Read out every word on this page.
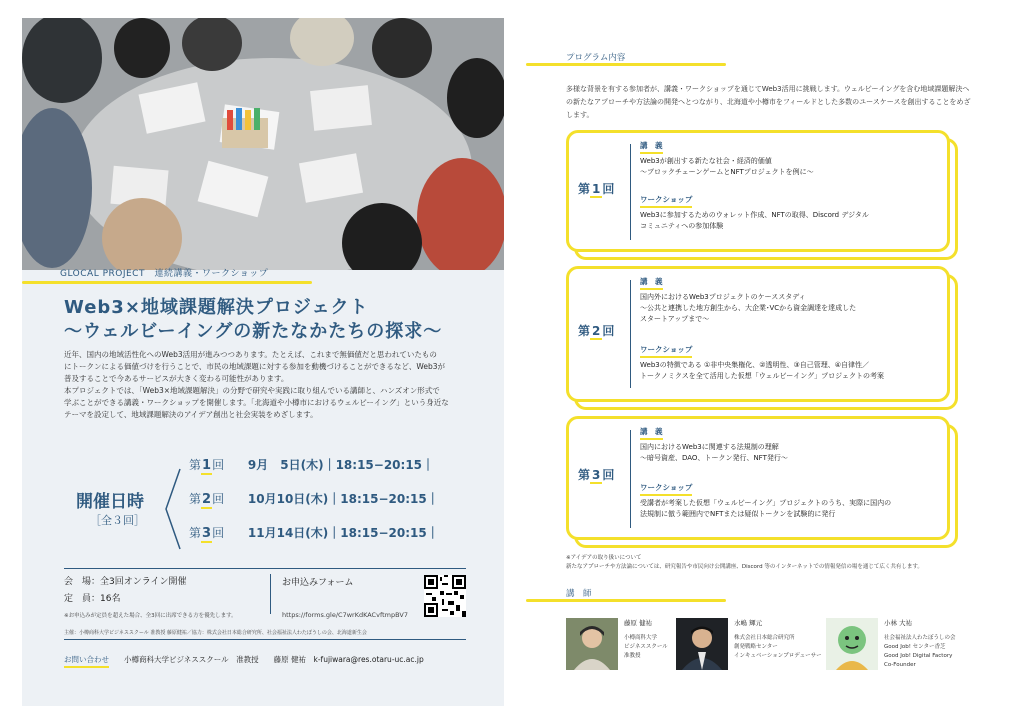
GLOCAL PROJECT　連続講義・ワークショップ
Web3×地域課題解決プロジェクト
〜ウェルビーイングの新たなかたちの探求〜

近年、国内の地域活性化へのWeb3活用が進みつつあります。たとえば、これまで無価値だと思われていたもの

にトークンによる価値づけを行うことで、市民の地域課題に対する参加を動機づけることができるなど、Web3が

普及することで今あるサービスが大きく変わる可能性があります。

本プロジェクトでは、「Web3×地域課題解決」の分野で研究や実践に取り組んでいる講師と、ハンズオン形式で

学ぶことができる講義・ワークショップを開催します。「北海道や小樽市におけるウェルビーイング」という身近な

テーマを設定して、地域課題解決のアイデア創出と社会実装をめざします。

開催日時
［全３回］
第1回 9月　5日(木)｜18:15−20:15｜
第2回 10月10日(木)｜18:15−20:15｜
第3回 11月14日(木)｜18:15−20:15｜
会　場：全3回オンライン開催
定　員：16名
※お申込みが定員を超えた場合、全3回に出席できる方を優先します。
お申込みフォーム
https://forms.gle/C7wrKdKACvftmpBV7
主催：小樽商科大学ビジネススクール 准教授 藤原健祐／協力：株式会社日本総合研究所、社会福祉法人わたぼうしの会、北海道新生会
お問い合わせ 小樽商科大学ビジネススクール　准教授　　藤原 健祐　k-fujiwara@res.otaru-uc.ac.jp
プログラム内容
多様な背景を有する参加者が、講義・ワークショップを通じてWeb3活用に挑戦します。ウェルビーイングを含む地域課題解決への新たなアプローチや方法論の開発へとつながり、北海道や小樽市をフィールドとした多数のユースケースを創出することをめざします。
第 1 回
講　義
Web3が創出する新たな社会・経済的価値
〜ブロックチェーンゲームとNFTプロジェクトを例に〜
ワークショップ
Web3に参加するためのウォレット作成、NFTの取得、Discord デジタル
コミュニティへの参加体験
第 2 回
講　義
国内外におけるWeb3プロジェクトのケーススタディ
〜公共と連携した地方創生から、大企業･VCから資金調達を達成した
スタートアップまで〜
ワークショップ
Web3の特徴である ①非中央集権化、②透明性、③自己管理、④自律性／
トークノミクスを全て活用した仮想「ウェルビーイング」プロジェクトの考案
第 3 回
講　義
国内におけるWeb3に関連する法規制の理解
〜暗号資産、DAO、トークン発行、NFT発行〜
ワークショップ
受講者が考案した仮想「ウェルビーイング」プロジェクトのうち、実際に国内の
法規制に倣う範囲内でNFTまたは疑似トークンを試験的に発行
※アイデアの取り扱いについて
新たなアプローチや方法論については、研究報告や市民向け公開講座、Discord 等のインターネットでの情報発信の場を通じて広く共有します。
講　師
藤原 健祐
小樽商科大学
ビジネススクール
准教授
水嶋 輝元
株式会社日本総合研究所
創発戦略センター
インキュベーションプロデューサー
小林 大祐
社会福祉法人わたぼうしの会
Good Job! センター香芝
Good Job! Digital Factory
Co-Founder
